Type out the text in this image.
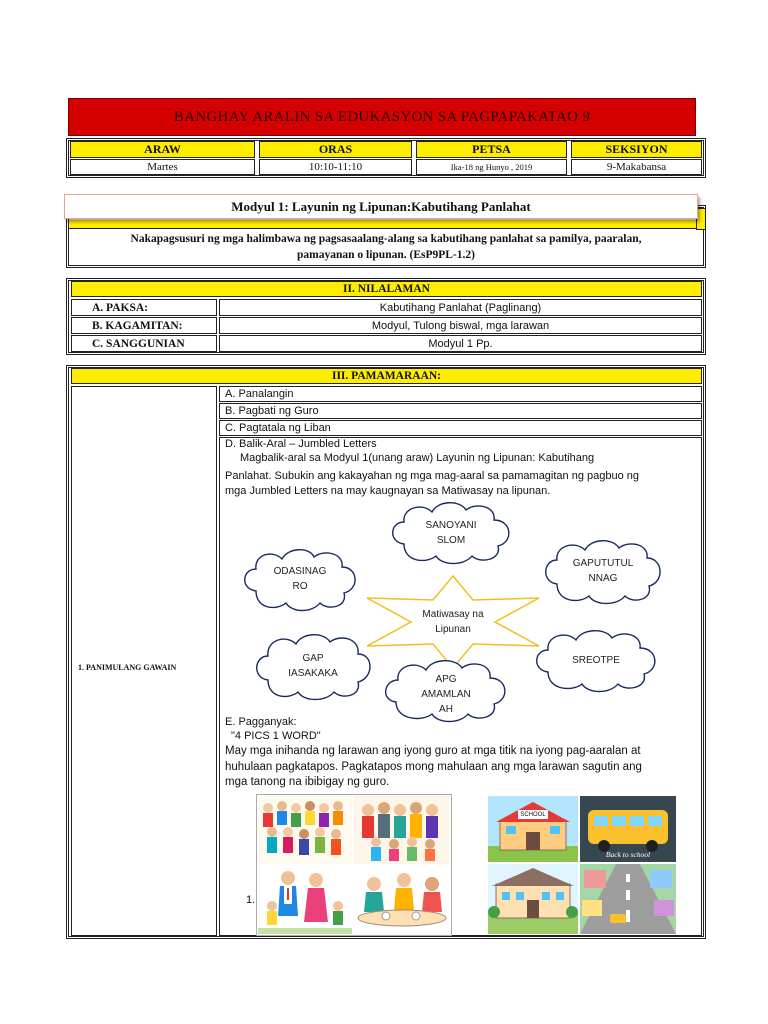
BANGHAY ARALIN SA EDUKASYON SA PAGPAPAKATAO 9
ARAW	ORAS	PETSA	SEKSIYON
Martes	10:10-11:10	Ika-18 ng Hunyo , 2019	9-Makabansa
Modyul 1: Layunin ng Lipunan:Kabutihang Panlahat
Nakapagsusuri ng mga halimbawa ng pagsasaalang-alang sa kabutihang panlahat sa pamilya, paaralan,
pamayanan o lipunan. (EsP9PL-1.2)
II. NILALAMAN
A. PAKSA:	Kabutihang Panlahat (Paglinang)
B. KAGAMITAN:	Modyul, Tulong biswal, mga larawan
C. SANGGUNIAN	Modyul 1 Pp.
III. PAMAMARAAN:
1. PANIMULANG GAWAIN
A. Panalangin
B. Pagbati ng Guro
C. Pagtatala ng Liban
D. Balik-Aral – Jumbled Letters
Magbalik-aral sa Modyul 1(unang araw) Layunin ng Lipunan: Kabutihang
Panlahat. Subukin ang kakayahan ng mga mag-aaral sa pamamagitan ng pagbuo ng
mga Jumbled Letters na may kaugnayan sa Matiwasay na lipunan.
Matiwasay na
Lipunan
SANOYANI
SLOM
ODASINAG
RO
GAPUTUTUL
NNAG
GAP
IASAKAKA
SREOTPE
APG
AMAMLAN
AH
E. Pagganyak:
"4 PICS 1 WORD"
May mga inihanda ng larawan ang iyong guro at mga titik na iyong pag-aaralan at
huhulaan pagkatapos. Pagkatapos mong mahulaan ang mga larawan sagutin ang
mga tanong na ibibigay ng guro.
1.
SCHOOL
Back to school
